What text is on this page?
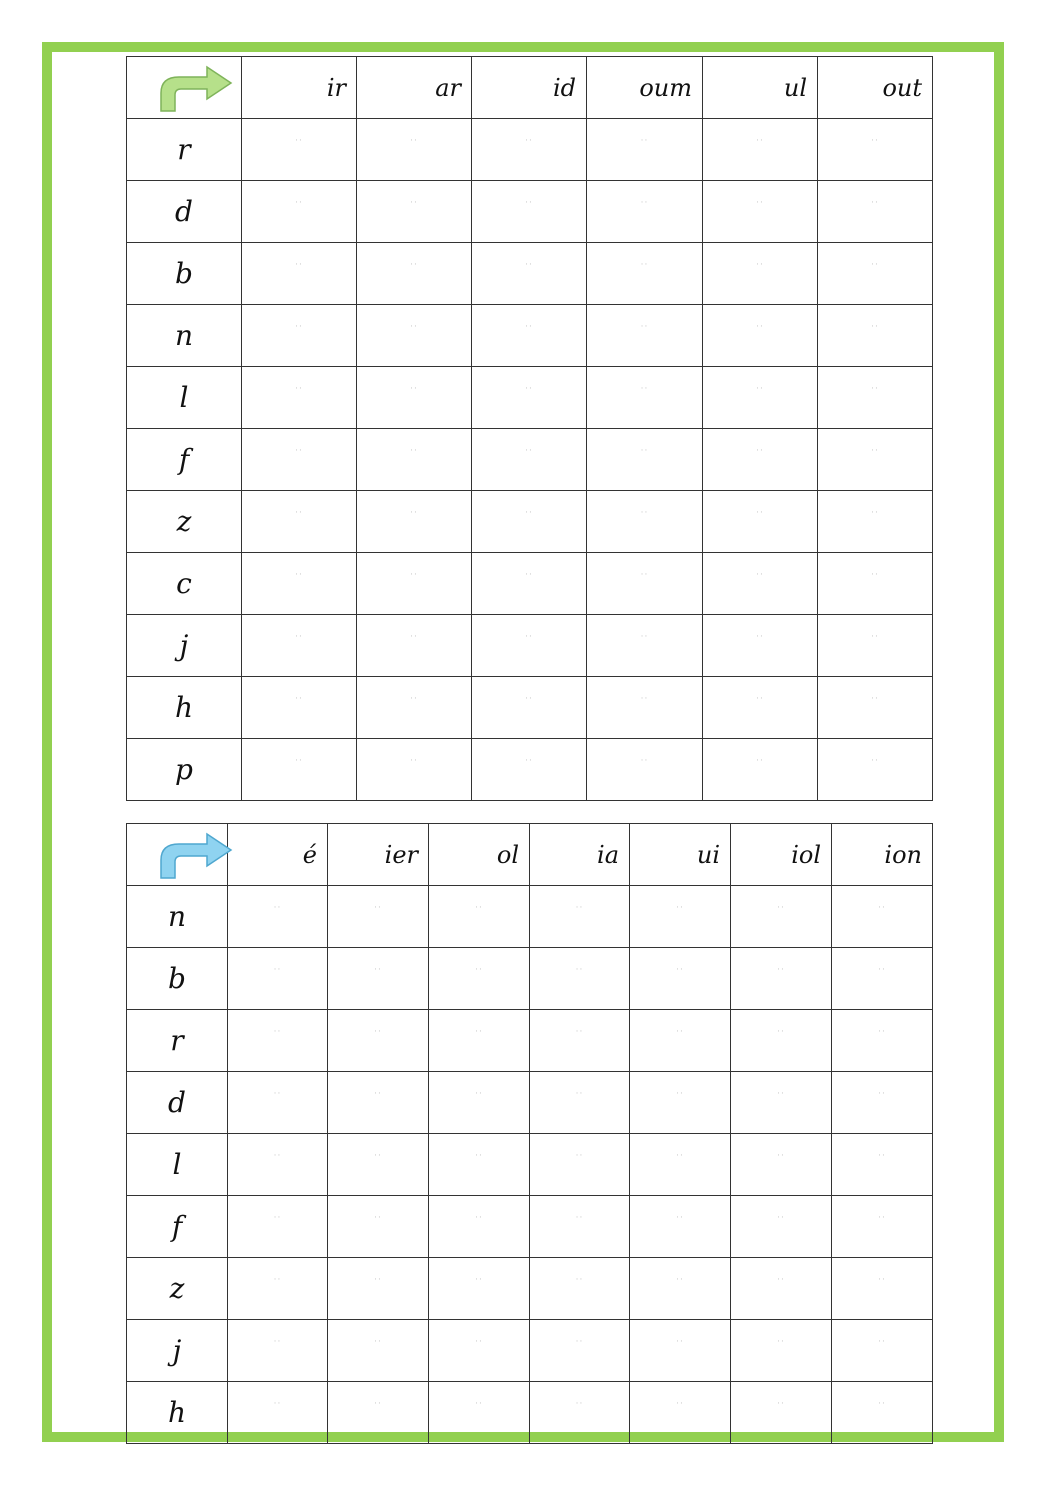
	ir	ar	id	oum	ul	out
r	··	··	··	··	··	··

d	··	··	··	··	··	··

b	··	··	··	··	··	··

n	··	··	··	··	··	··

l	··	··	··	··	··	··

f	··	··	··	··	··	··

z	··	··	··	··	··	··

c	··	··	··	··	··	··

j	··	··	··	··	··	··

h	··	··	··	··	··	··

p	··	··	··	··	··	··
	é	ier	ol	ia	ui	iol	ion
n	··	··	··	··	··	··	··

b	··	··	··	··	··	··	··

r	··	··	··	··	··	··	··

d	··	··	··	··	··	··	··

l	··	··	··	··	··	··	··

f	··	··	··	··	··	··	··

z	··	··	··	··	··	··	··

j	··	··	··	··	··	··	··

h	··	··	··	··	··	··	··
